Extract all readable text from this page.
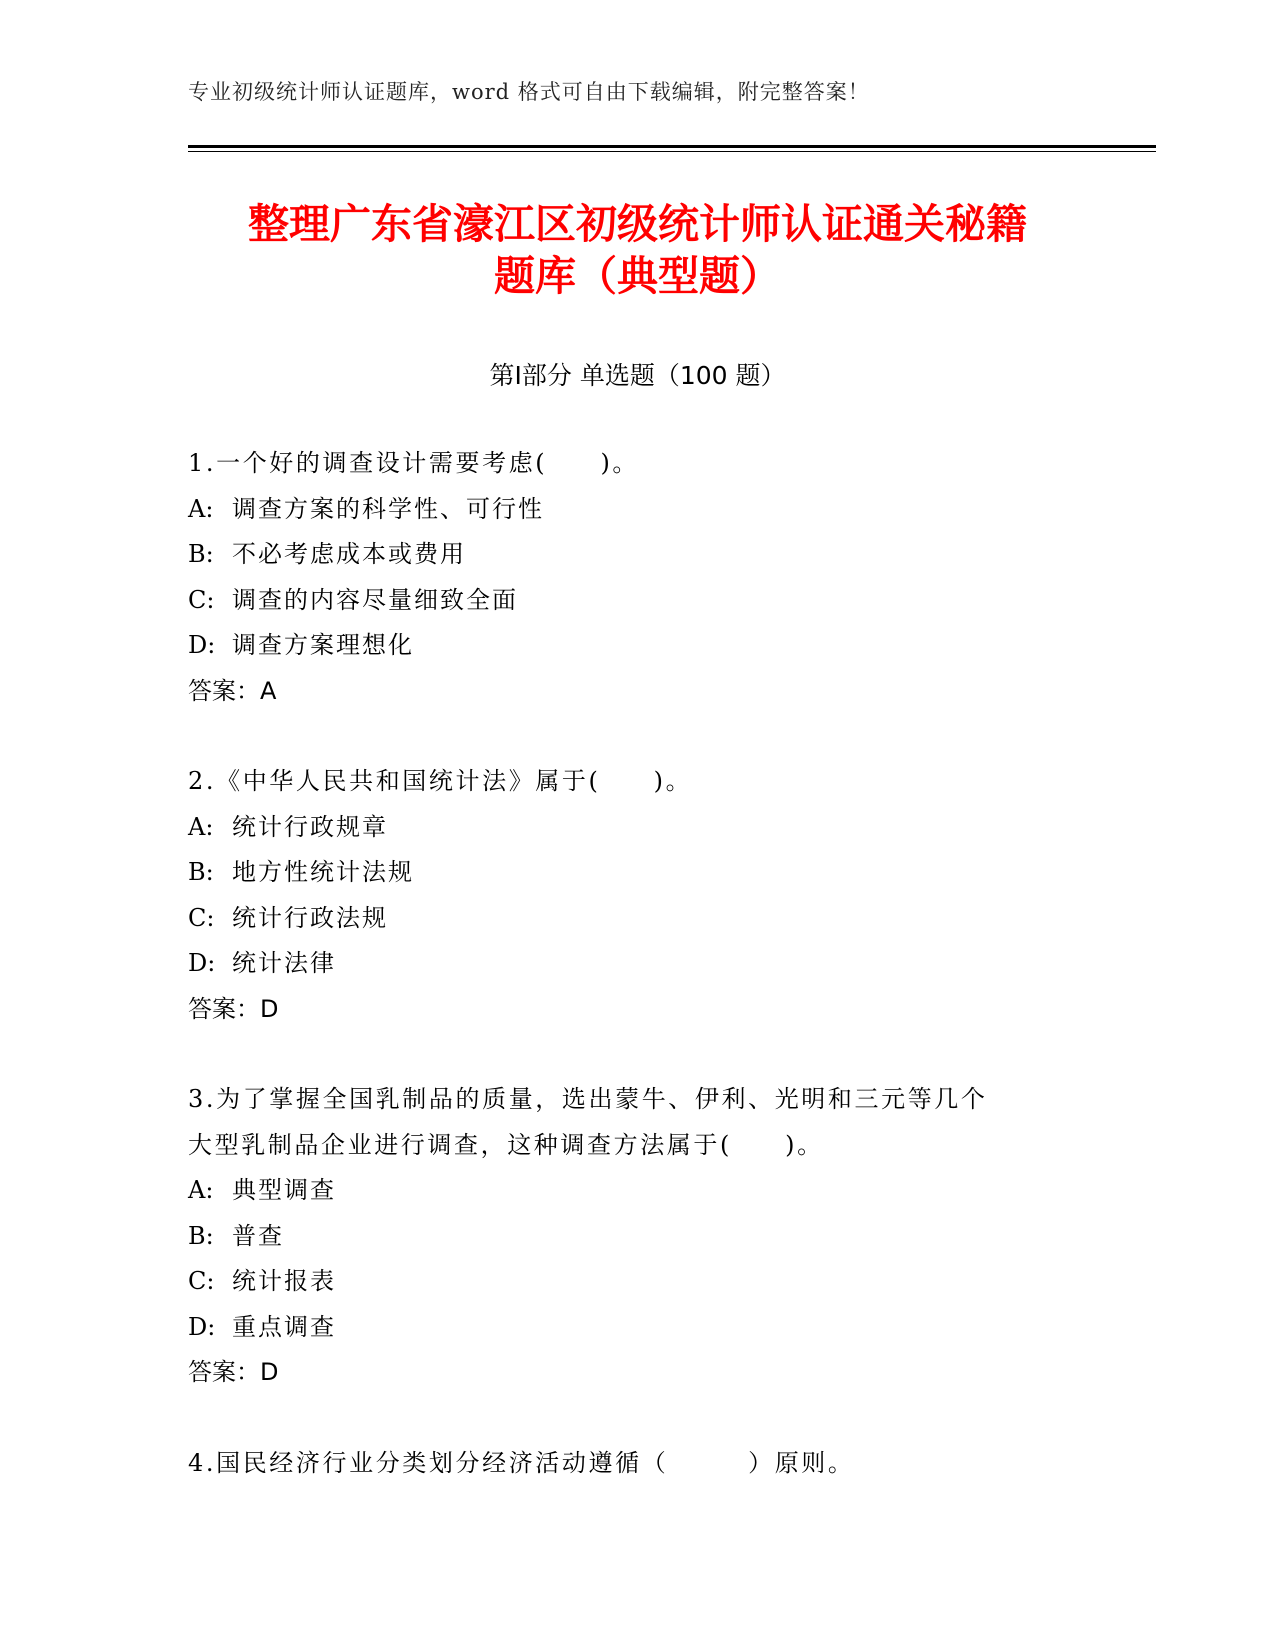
专业初级统计师认证题库，word 格式可自由下载编辑，附完整答案！
整理广东省濠江区初级统计师认证通关秘籍
题库（典型题）
第Ⅰ部分 单选题（100 题）
1.一个好的调查设计需要考虑(　　)。
A: 调查方案的科学性、可行性
B: 不必考虑成本或费用
C: 调查的内容尽量细致全面
D: 调查方案理想化
答案：A
2.《中华人民共和国统计法》属于(　　)。
A: 统计行政规章
B: 地方性统计法规
C: 统计行政法规
D: 统计法律
答案：D
3.为了掌握全国乳制品的质量，选出蒙牛、伊利、光明和三元等几个
大型乳制品企业进行调查，这种调查方法属于(　　)。
A: 典型调查
B: 普查
C: 统计报表
D: 重点调查
答案：D
4.国民经济行业分类划分经济活动遵循（　　　）原则。
